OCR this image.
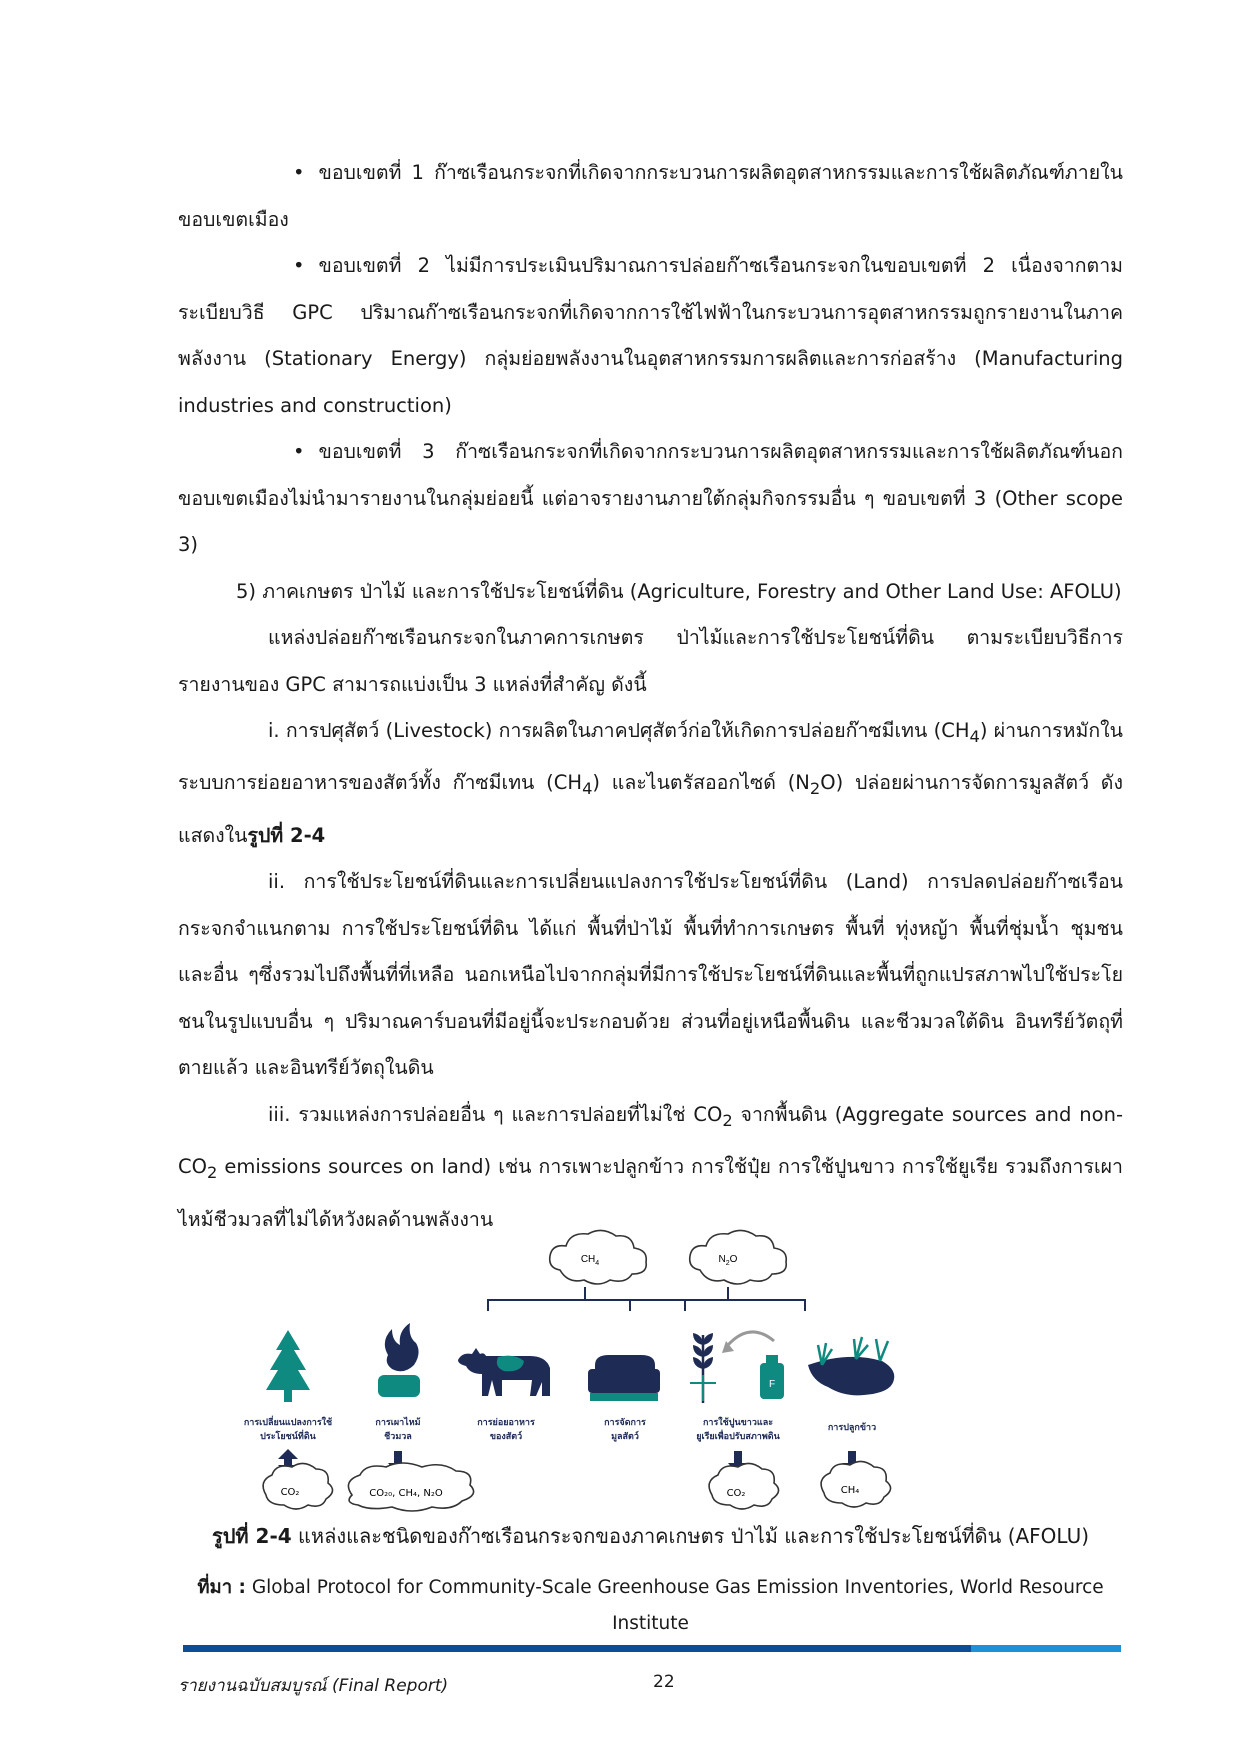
• ขอบเขตที่ 1 ก๊าซเรือนกระจกที่เกิดจากกระบวนการผลิตอุตสาหกรรมและการใช้ผลิตภัณฑ์ภายในขอบเขตเมือง

• ขอบเขตที่ 2 ไม่มีการประเมินปริมาณการปล่อยก๊าซเรือนกระจกในขอบเขตที่ 2 เนื่องจากตามระเบียบวิธี GPC ปริมาณก๊าซเรือนกระจกที่เกิดจากการใช้ไฟฟ้าในกระบวนการอุตสาหกรรมถูกรายงานในภาคพลังงาน (Stationary Energy) กลุ่มย่อยพลังงานในอุตสาหกรรมการผลิตและการก่อสร้าง (Manufacturing industries and construction)

• ขอบเขตที่ 3 ก๊าซเรือนกระจกที่เกิดจากกระบวนการผลิตอุตสาหกรรมและการใช้ผลิตภัณฑ์นอกขอบเขตเมืองไม่นำมารายงานในกลุ่มย่อยนี้ แต่อาจรายงานภายใต้กลุ่มกิจกรรมอื่น ๆ ขอบเขตที่ 3 (Other scope 3)

5) ภาคเกษตร ป่าไม้ และการใช้ประโยชน์ที่ดิน (Agriculture, Forestry and Other Land Use: AFOLU)

แหล่งปล่อยก๊าซเรือนกระจกในภาคการเกษตร ป่าไม้และการใช้ประโยชน์ที่ดิน ตามระเบียบวิธีการรายงานของ GPC สามารถแบ่งเป็น 3 แหล่งที่สำคัญ ดังนี้

i. การปศุสัตว์ (Livestock) การผลิตในภาคปศุสัตว์ก่อให้เกิดการปล่อยก๊าซมีเทน $(CH_4)$ ผ่านการหมักในระบบการย่อยอาหารของสัตว์ทั้ง ก๊าซมีเทน $(CH_4)$ และไนตรัสออกไซด์ $(N_2O)$ ปล่อยผ่านการจัดการมูลสัตว์ ดังแสดงในรูปที่ 2-4

ii. การใช้ประโยชน์ที่ดินและการเปลี่ยนแปลงการใช้ประโยชน์ที่ดิน (Land) การปลดปล่อยก๊าซเรือนกระจกจำแนกตาม การใช้ประโยชน์ที่ดิน ได้แก่ พื้นที่ป่าไม้ พื้นที่ทำการเกษตร พื้นที่ ทุ่งหญ้า พื้นที่ชุ่มน้ำ ชุมชน และอื่น ๆซึ่งรวมไปถึงพื้นที่ที่เหลือ นอกเหนือไปจากกลุ่มที่มีการใช้ประโยชน์ที่ดินและพื้นที่ถูกแปรสภาพไปใช้ประโยชนในรูปแบบอื่น ๆ ปริมาณคาร์บอนที่มีอยู่นี้จะประกอบด้วย ส่วนที่อยู่เหนือพื้นดิน และชีวมวลใต้ดิน อินทรีย์วัตถุที่ตายแล้ว และอินทรีย์วัตถุในดิน

iii. รวมแหล่งการปล่อยอื่น ๆ และการปล่อยที่ไม่ใช่ $CO_2$ จากพื้นดิน (Aggregate sources and non-$CO_2$ emissions sources on land) เช่น การเพาะปลูกข้าว การใช้ปุ๋ย การใช้ปูนขาว การใช้ยูเรีย รวมถึงการเผาไหม้ชีวมวลที่ไม่ได้หวังผลด้านพลังงาน

$CH_4$	$N_2O$
F
การเปลี่ยนแปลงการใช้
ประโยชน์ที่ดิน
การเผาไหม้
ชีวมวล
การย่อยอาหาร
ของสัตว์
การจัดการ
มูลสัตว์
การใช้ปูนขาวและ
ยูเรียเพื่อปรับสภาพดิน
การปลูกข้าว
CO₂	CO₂₀, CH₄, N₂O	CO₂	CH₄
รูปที่ 2-4 แหล่งและชนิดของก๊าซเรือนกระจกของภาคเกษตร ป่าไม้ และการใช้ประโยชน์ที่ดิน (AFOLU)
ที่มา : Global Protocol for Community-Scale Greenhouse Gas Emission Inventories, World Resource Institute
รายงานฉบับสมบูรณ์ (Final Report)	22
